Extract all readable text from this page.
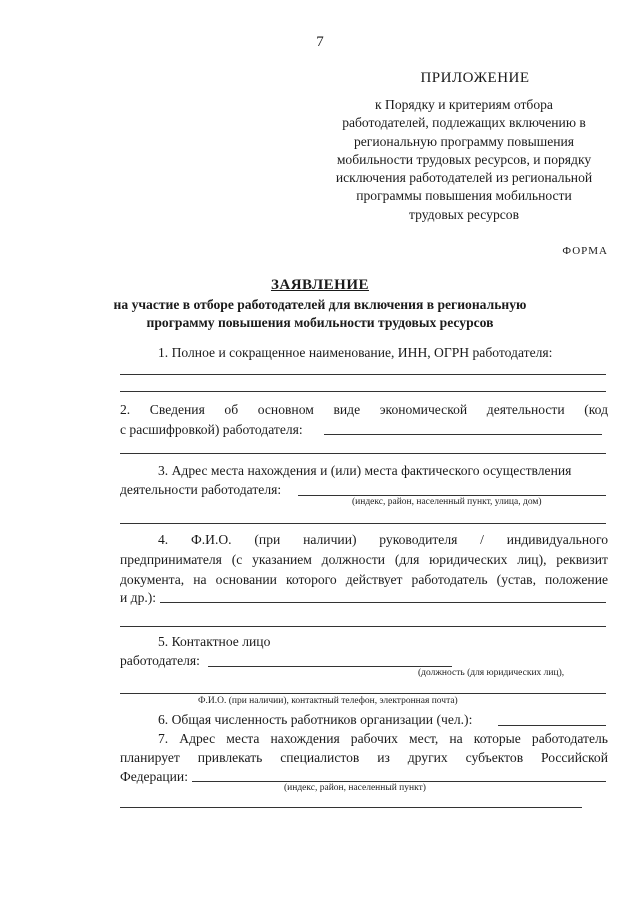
7
ПРИЛОЖЕНИЕ
к Порядку и критериям отбора
работодателей, подлежащих включению в
региональную программу повышения
мобильности трудовых ресурсов, и порядку
исключения работодателей из региональной
программы повышения мобильности
трудовых ресурсов
ФОРМА
ЗАЯВЛЕНИЕ
на участие в отборе работодателей для включения в региональную
программу повышения мобильности трудовых ресурсов
1. Полное и сокращенное наименование, ИНН, ОГРН работодателя:
2. Сведения об основном виде экономической деятельности (код
с расшифровкой) работодателя:
3. Адрес места нахождения и (или) места фактического осуществления
деятельности работодателя:
(индекс, район, населенный пункт, улица, дом)
4. Ф.И.О. (при наличии) руководителя / индивидуального
предпринимателя (с указанием должности (для юридических лиц), реквизит
документа, на основании которого действует работодатель (устав, положение
и др.):
5. Контактное лицо
работодателя:
(должность (для юридических лиц),
Ф.И.О. (при наличии), контактный телефон, электронная почта)
6. Общая численность работников организации (чел.):
7. Адрес места нахождения рабочих мест, на которые работодатель
планирует привлекать специалистов из других субъектов Российской
Федерации:
(индекс, район, населенный пункт)
